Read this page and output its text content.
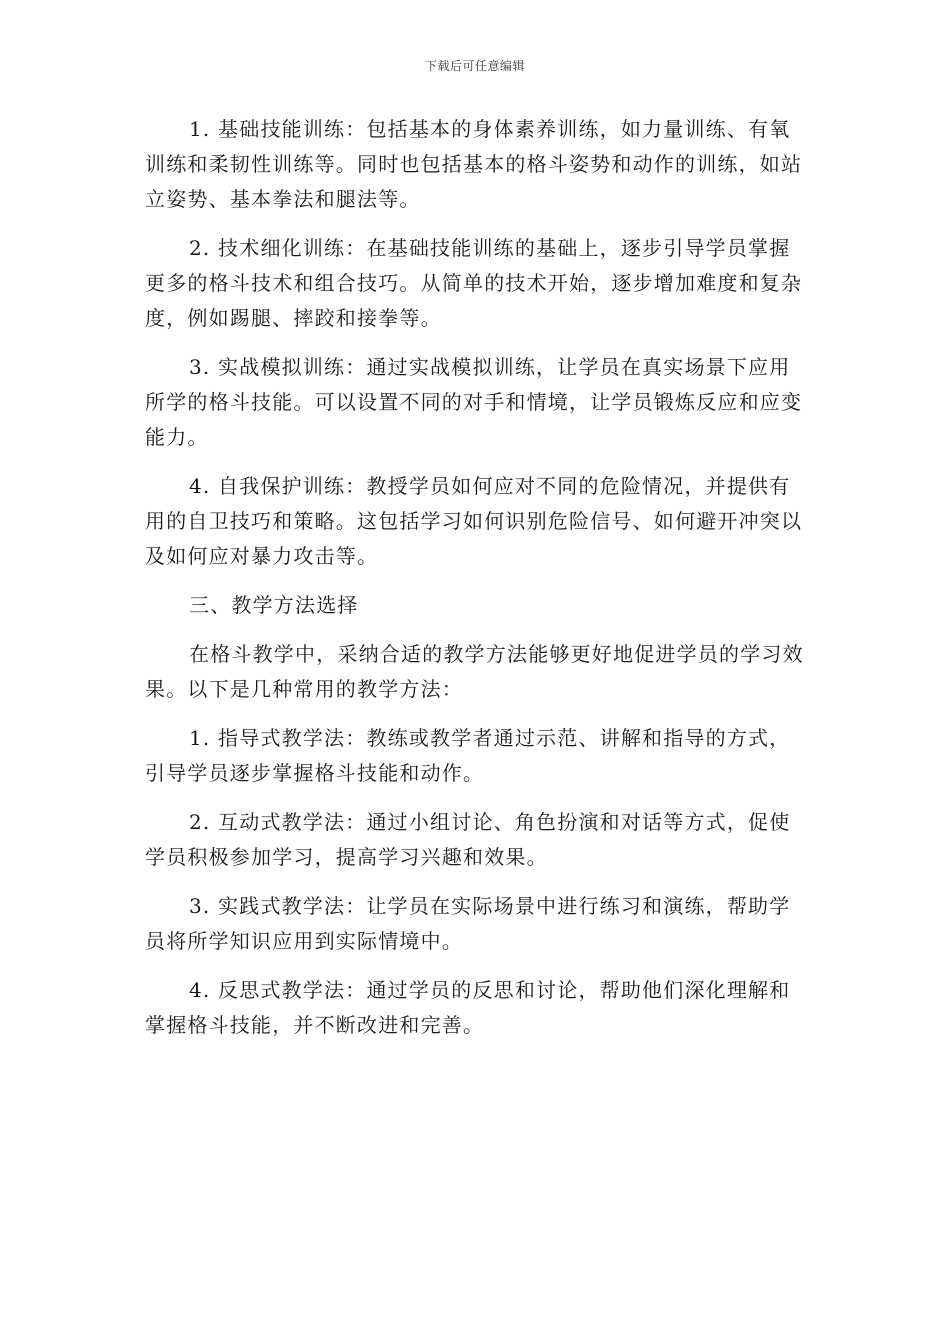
下载后可任意编辑

1. 基础技能训练：包括基本的身体素养训练，如力量训练、有氧训练和柔韧性训练等。同时也包括基本的格斗姿势和动作的训练，如站立姿势、基本拳法和腿法等。

2. 技术细化训练：在基础技能训练的基础上，逐步引导学员掌握更多的格斗技术和组合技巧。从简单的技术开始，逐步增加难度和复杂度，例如踢腿、摔跤和接拳等。

3. 实战模拟训练：通过实战模拟训练，让学员在真实场景下应用所学的格斗技能。可以设置不同的对手和情境，让学员锻炼反应和应变能力。

4. 自我保护训练：教授学员如何应对不同的危险情况，并提供有用的自卫技巧和策略。这包括学习如何识别危险信号、如何避开冲突以及如何应对暴力攻击等。

三、教学方法选择

在格斗教学中，采纳合适的教学方法能够更好地促进学员的学习效果。以下是几种常用的教学方法：

1. 指导式教学法：教练或教学者通过示范、讲解和指导的方式，引导学员逐步掌握格斗技能和动作。

2. 互动式教学法：通过小组讨论、角色扮演和对话等方式，促使学员积极参加学习，提高学习兴趣和效果。

3. 实践式教学法：让学员在实际场景中进行练习和演练，帮助学员将所学知识应用到实际情境中。

4. 反思式教学法：通过学员的反思和讨论，帮助他们深化理解和掌握格斗技能，并不断改进和完善。
